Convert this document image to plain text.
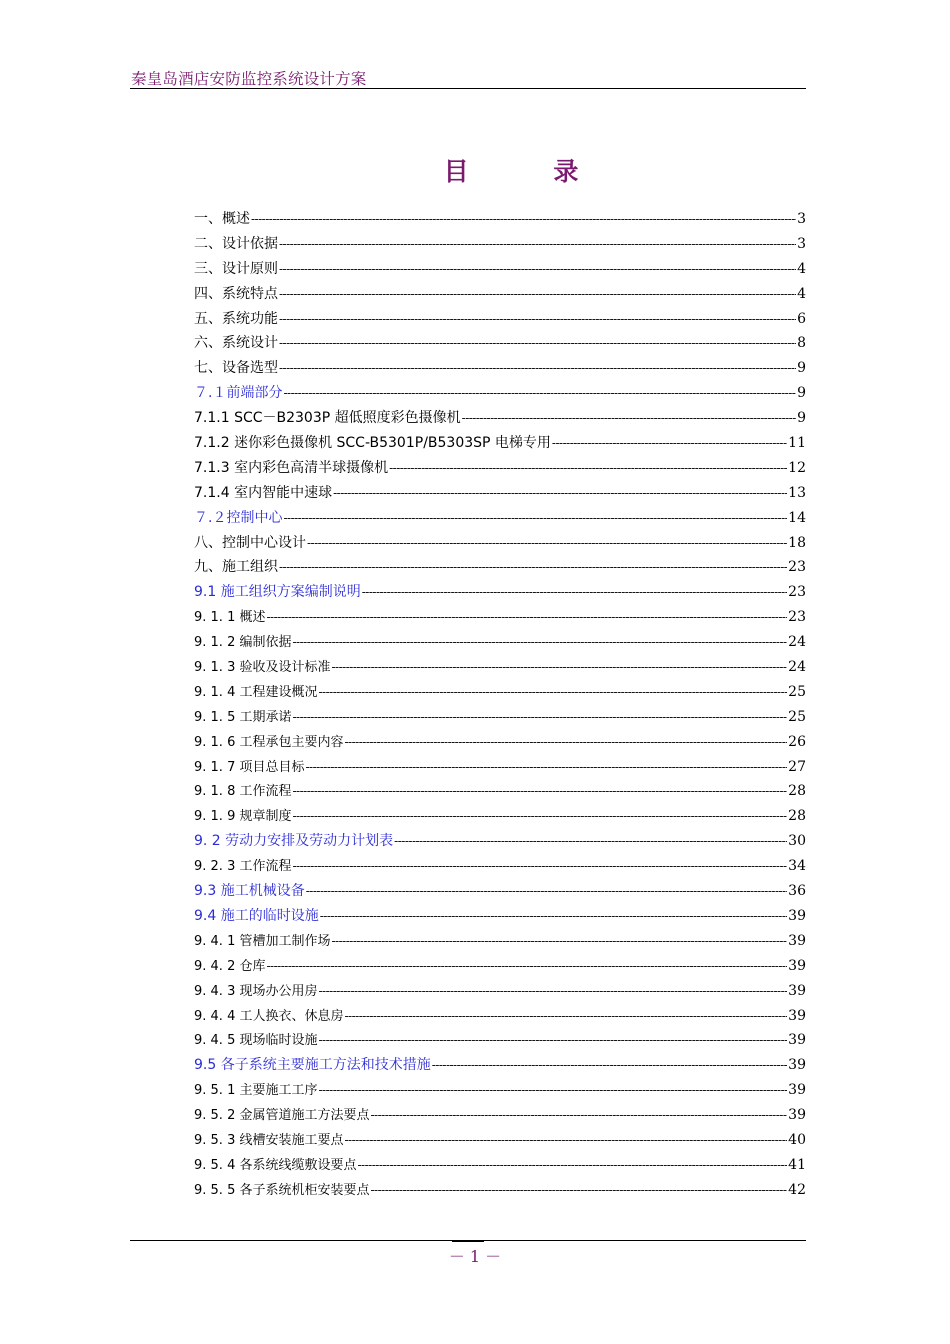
秦皇岛酒店安防监控系统设计方案
目 录
一、概述 -----	3
二、设计依据 -----	3
三、设计原则 -----	4
四、系统特点 -----	4
五、系统功能 -----	6
六、系统设计 -----	8
七、设备选型 -----	9
７.１前端部分 -----	9
7.1.1 SCC－B2303P 超低照度彩色摄像机 -----	9
7.1.2 迷你彩色摄像机 SCC-B5301P/B5303SP 电梯专用 -----	11
7.1.3 室内彩色高清半球摄像机 -----	12
7.1.4 室内智能中速球 -----	13
７.２控制中心 -----	14
八、控制中心设计 -----	18
九、施工组织 -----	23
9.1 施工组织方案编制说明 -----	23
9. 1. 1 概述 -----	23
9. 1. 2 编制依据 -----	24
9. 1. 3 验收及设计标准 -----	24
9. 1. 4 工程建设概况 -----	25
9. 1. 5 工期承诺 -----	25
9. 1. 6 工程承包主要内容 -----	26
9. 1. 7 项目总目标 -----	27
9. 1. 8 工作流程 -----	28
9. 1. 9 规章制度 -----	28
9. 2 劳动力安排及劳动力计划表 -----	30
9. 2. 3 工作流程 -----	34
9.3 施工机械设备 -----	36
9.4 施工的临时设施 -----	39
9. 4. 1 管槽加工制作场 -----	39
9. 4. 2 仓库 -----	39
9. 4. 3 现场办公用房 -----	39
9. 4. 4 工人换衣、休息房 -----	39
9. 4. 5 现场临时设施 -----	39
9.5 各子系统主要施工方法和技术措施 -----	39
9. 5. 1 主要施工工序 -----	39
9. 5. 2 金属管道施工方法要点 -----	39
9. 5. 3 线槽安装施工要点 -----	40
9. 5. 4 各系统线缆敷设要点 -----	41
9. 5. 5 各子系统机柜安装要点 -----	42
－ 1 －
